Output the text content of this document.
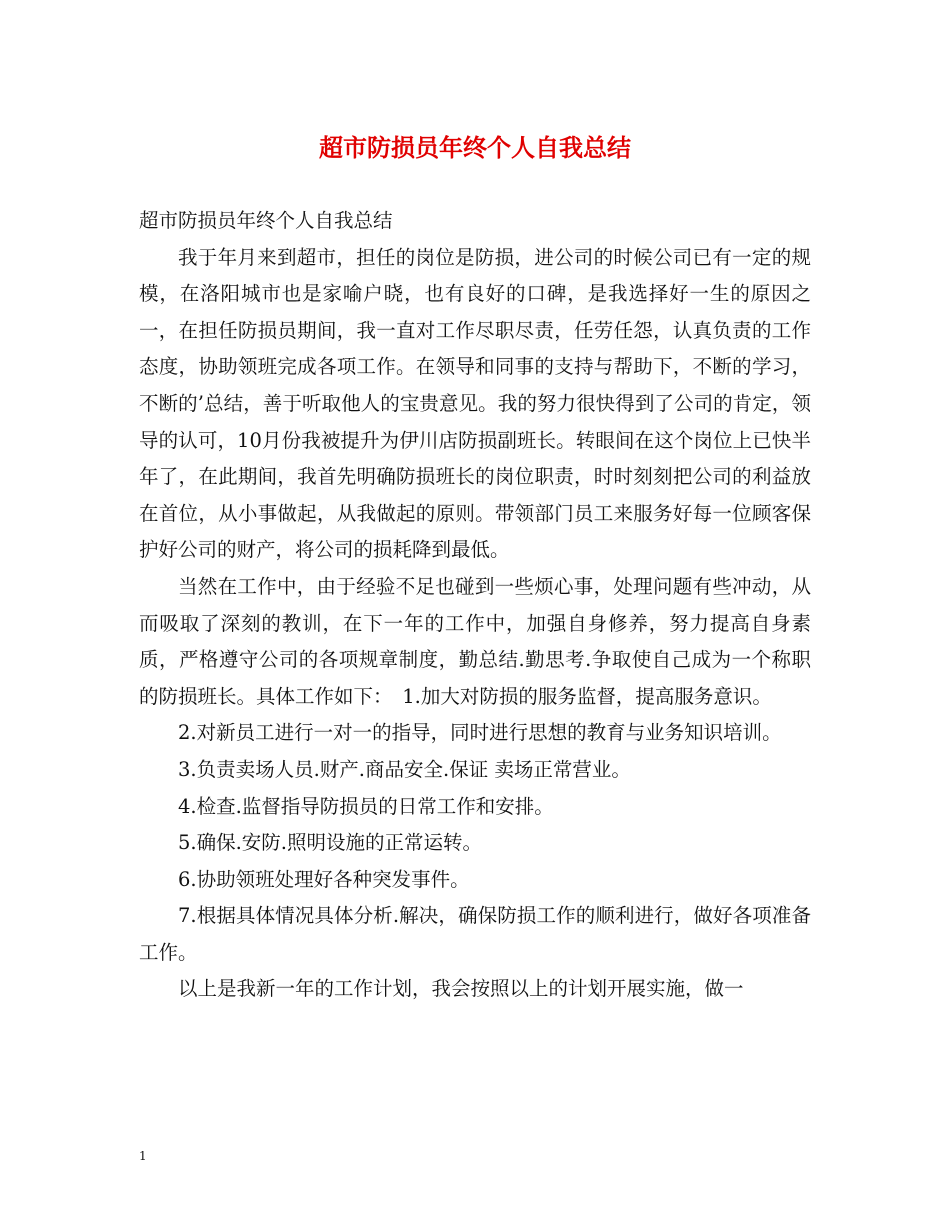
超市防损员年终个人自我总结

超市防损员年终个人自我总结

我于年月来到超市，担任的岗位是防损，进公司的时候公司已有一定的规模，在洛阳城市也是家喻户晓，也有良好的口碑，是我选择好一生的原因之一，在担任防损员期间，我一直对工作尽职尽责，任劳任怨，认真负责的工作态度，协助领班完成各项工作。在领导和同事的支持与帮助下，不断的学习，不断的’总结，善于听取他人的宝贵意见。我的努力很快得到了公司的肯定，领导的认可，10月份我被提升为伊川店防损副班长。转眼间在这个岗位上已快半年了，在此期间，我首先明确防损班长的岗位职责，时时刻刻把公司的利益放在首位，从小事做起，从我做起的原则。带领部门员工来服务好每一位顾客保护好公司的财产，将公司的损耗降到最低。

当然在工作中，由于经验不足也碰到一些烦心事，处理问题有些冲动，从而吸取了深刻的教训，在下一年的工作中，加强自身修养，努力提高自身素质，严格遵守公司的各项规章制度，勤总结.勤思考.争取使自己成为一个称职的防损班长。具体工作如下：　1.加大对防损的服务监督，提高服务意识。

2.对新员工进行一对一的指导，同时进行思想的教育与业务知识培训。

3.负责卖场人员.财产.商品安全.保证 卖场正常营业。

4.检查.监督指导防损员的日常工作和安排。

5.确保.安防.照明设施的正常运转。

6.协助领班处理好各种突发事件。

7.根据具体情况具体分析.解决，确保防损工作的顺利进行，做好各项准备工作。

以上是我新一年的工作计划，我会按照以上的计划开展实施，做一

1
